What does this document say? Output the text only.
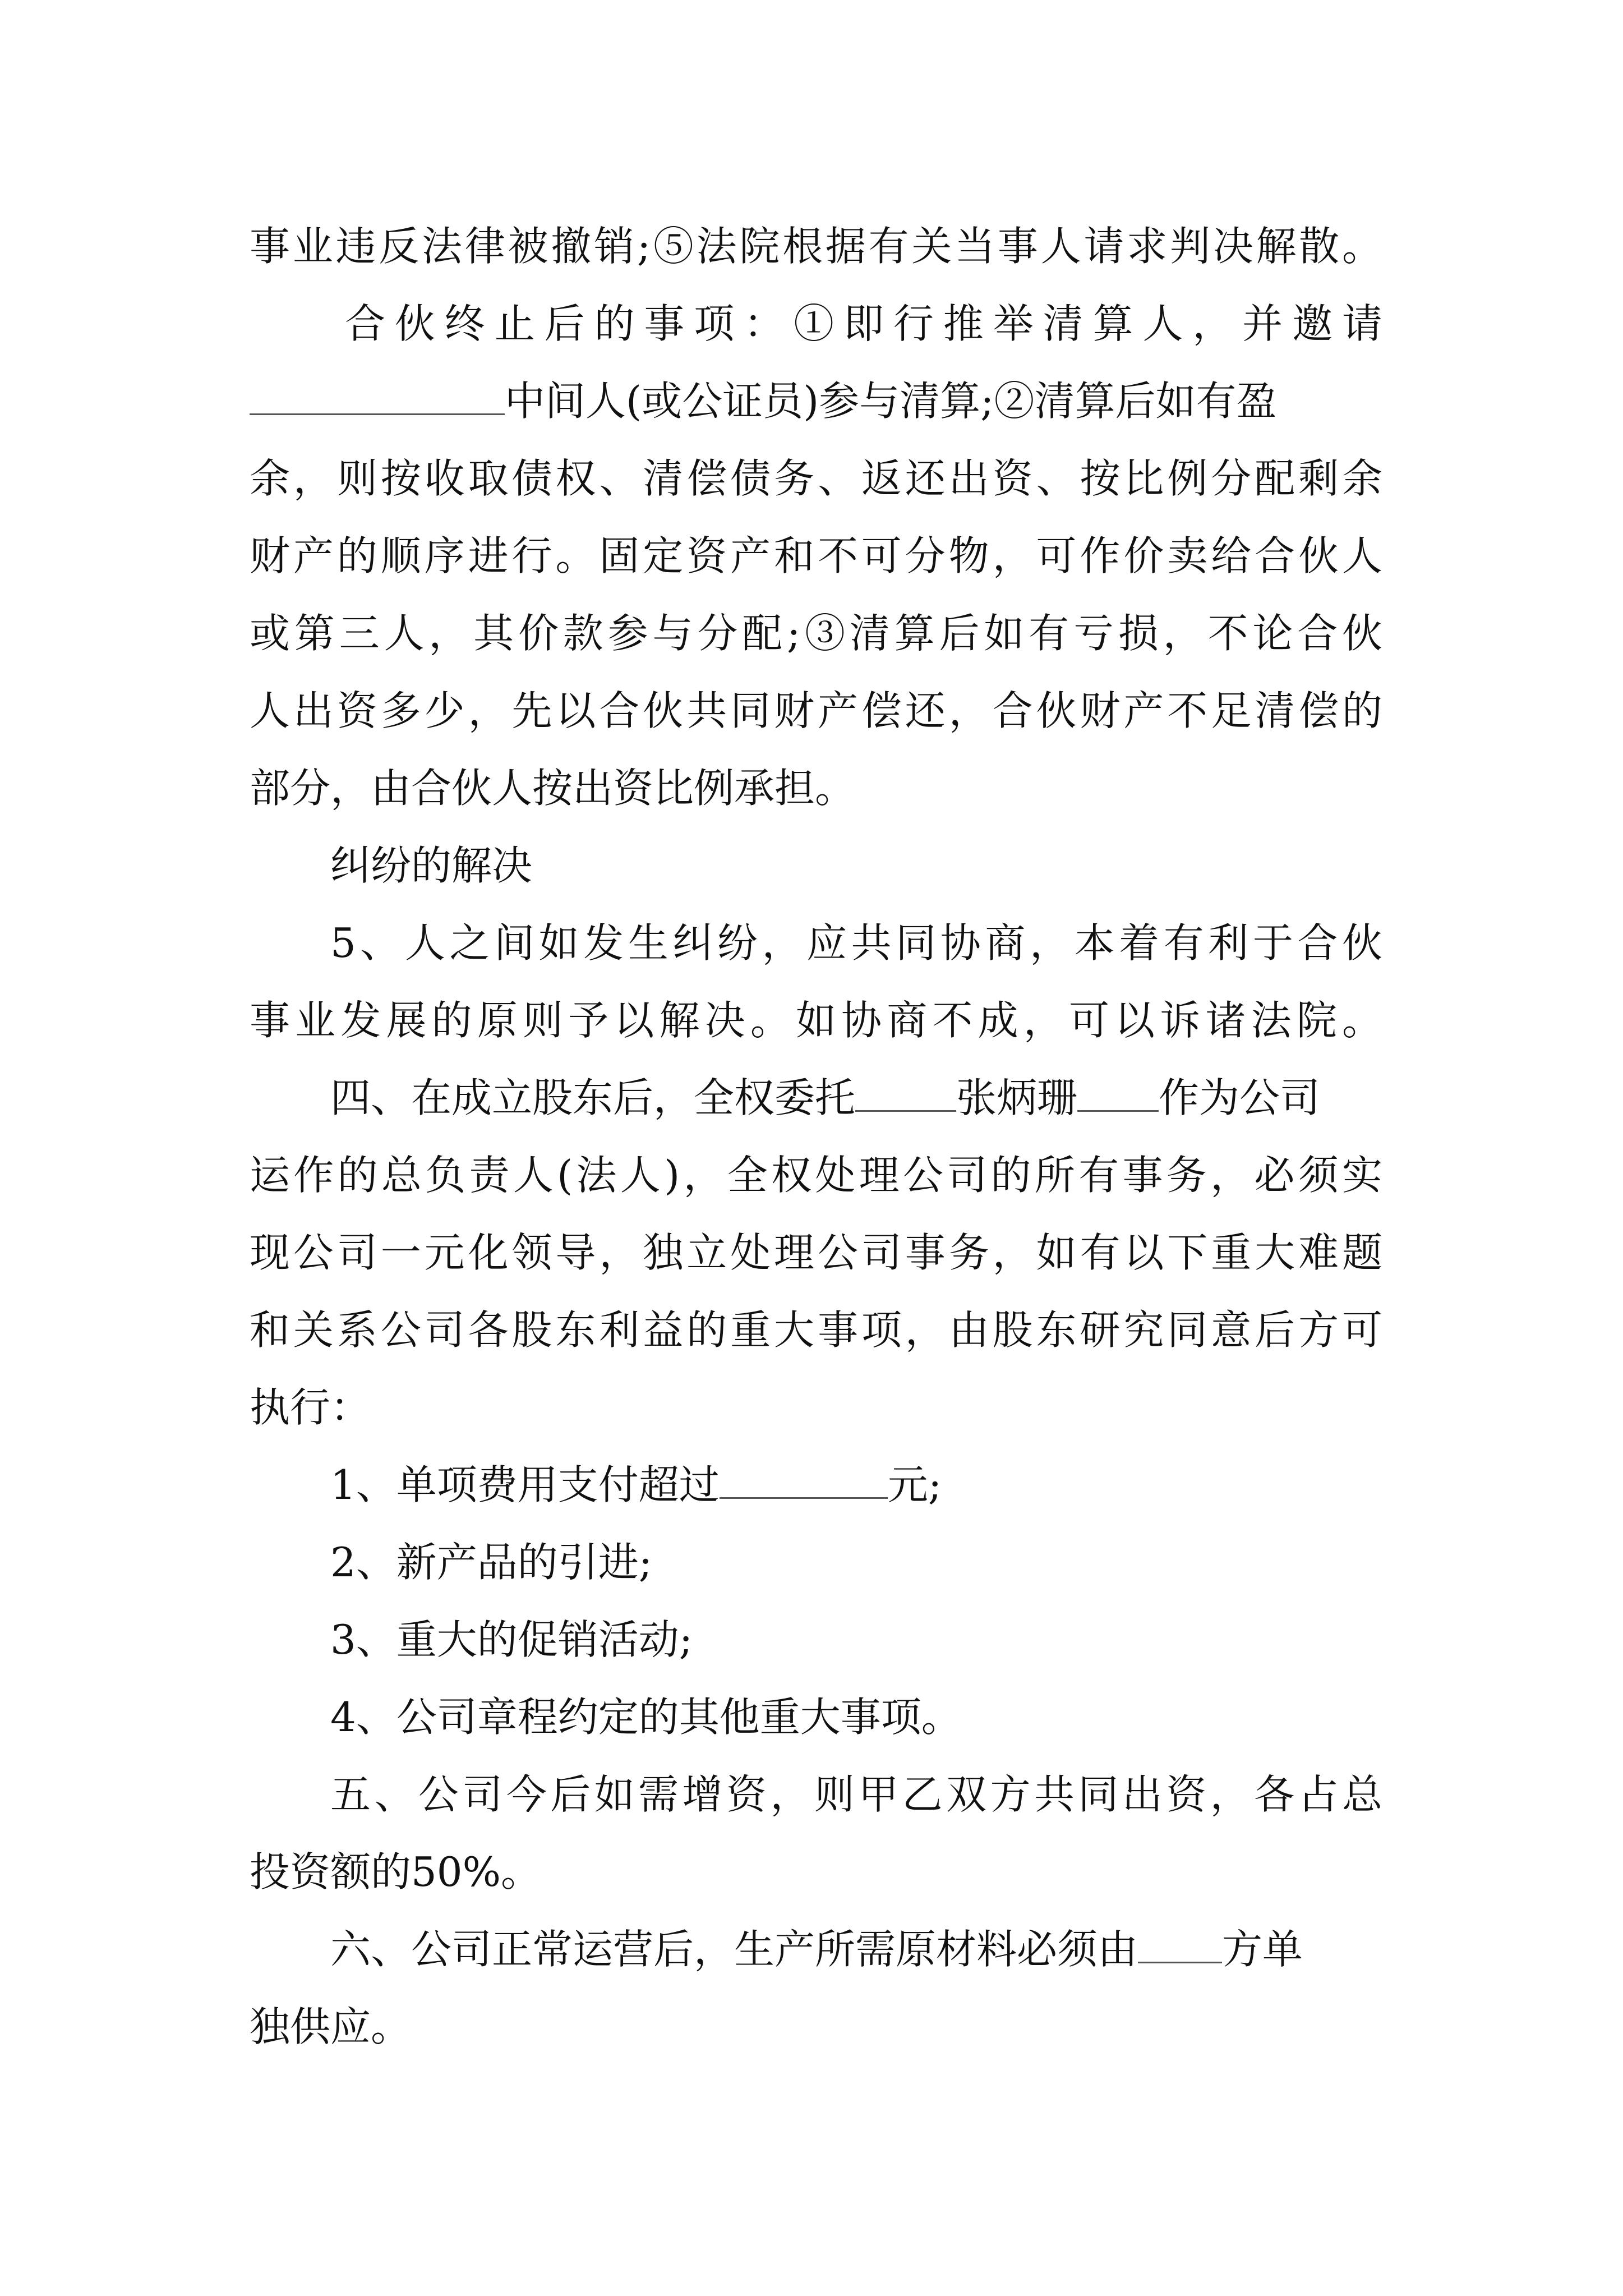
事业违反法律被撤销;⑤法院根据有关当事人请求判决解散。
合伙终止后的事项：①即行推举清算人，并邀请
中间人(或公证员)参与清算;②清算后如有盈
余，则按收取债权、清偿债务、返还出资、按比例分配剩余
财产的顺序进行。固定资产和不可分物，可作价卖给合伙人
或第三人，其价款参与分配;③清算后如有亏损，不论合伙
人出资多少，先以合伙共同财产偿还，合伙财产不足清偿的
部分，由合伙人按出资比例承担。
纠纷的解决
5、人之间如发生纠纷，应共同协商，本着有利于合伙
事业发展的原则予以解决。如协商不成，可以诉诸法院。
四、在成立股东后，全权委托	张炳珊 作为公司
运作的总负责人(法人)，全权处理公司的所有事务，必须实
现公司一元化领导，独立处理公司事务，如有以下重大难题
和关系公司各股东利益的重大事项，由股东研究同意后方可
执行：
1、单项费用支付超过	元;
2、新产品的引进;
3、重大的促销活动;
4、公司章程约定的其他重大事项。
五、公司今后如需增资，则甲乙双方共同出资，各占总
投资额的50%。
六、公司正常运营后，生产所需原材料必须由 方单
独供应。
